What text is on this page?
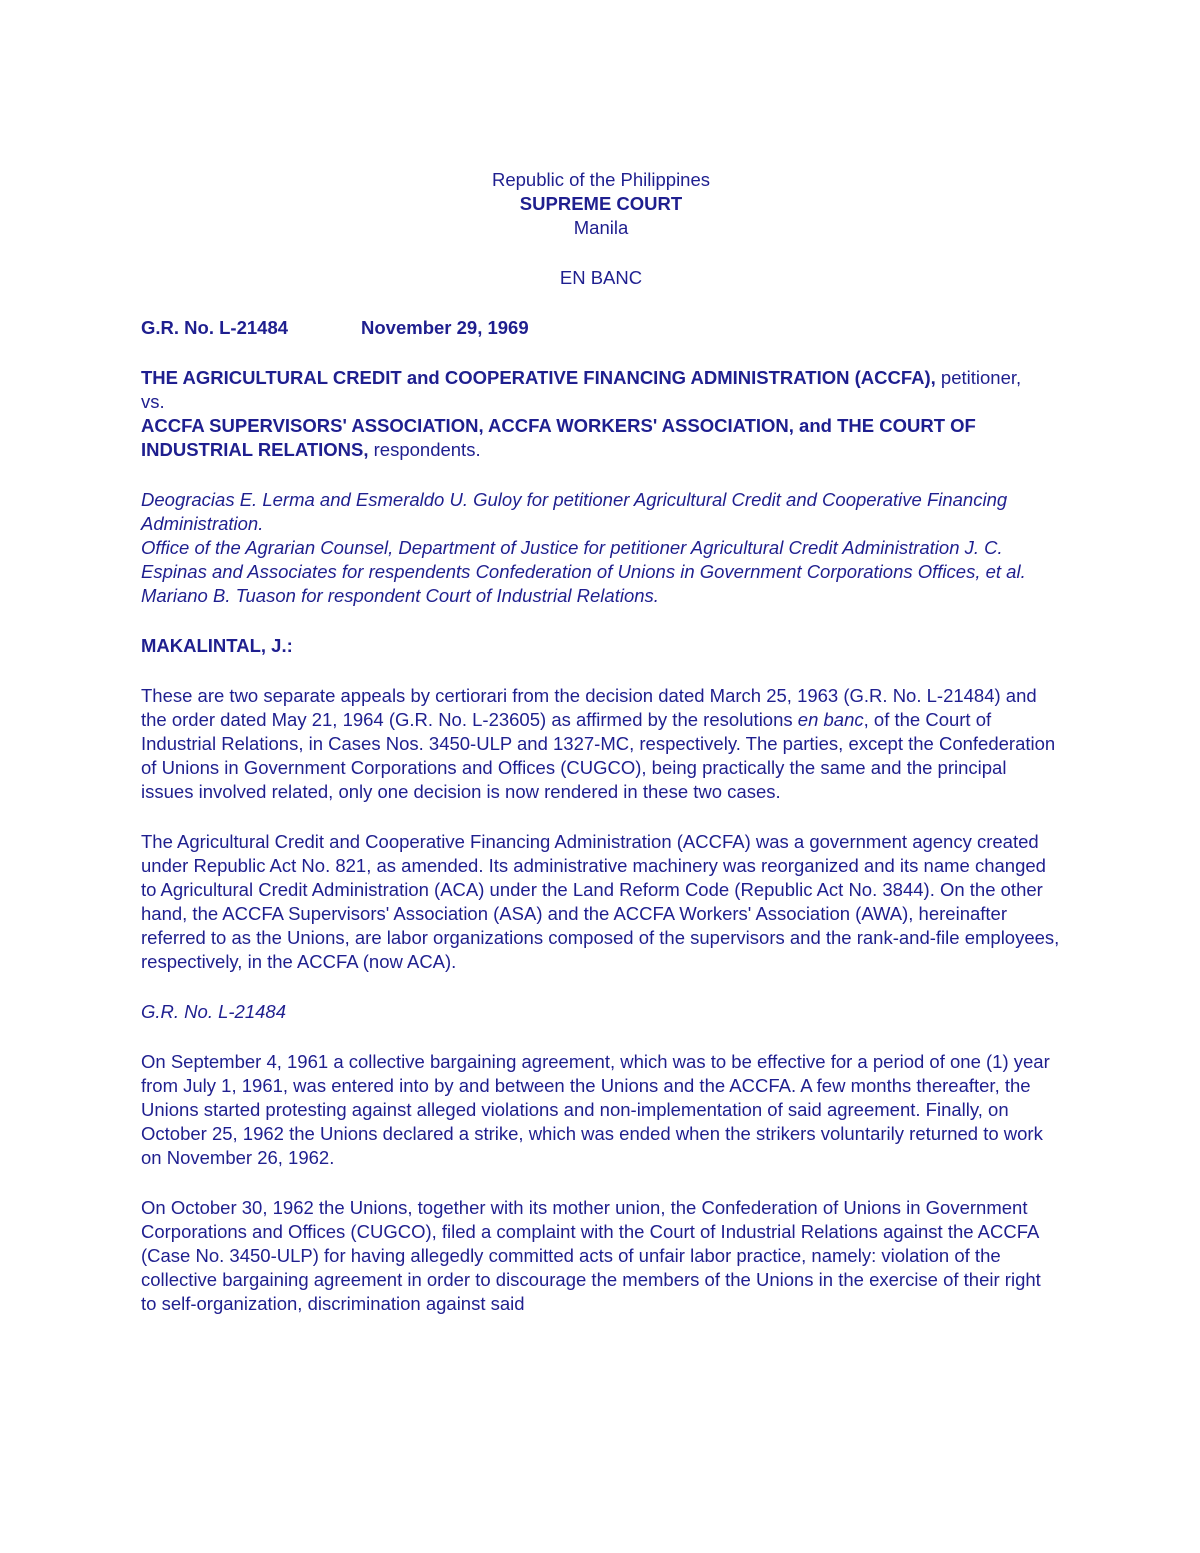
Republic of the Philippines

SUPREME COURT

Manila

EN BANC

G.R. No. L-21484	November 29, 1969

THE AGRICULTURAL CREDIT and COOPERATIVE FINANCING ADMINISTRATION (ACCFA), petitioner,

vs.

ACCFA SUPERVISORS' ASSOCIATION, ACCFA WORKERS' ASSOCIATION, and THE COURT OF INDUSTRIAL RELATIONS, respondents.

Deogracias E. Lerma and Esmeraldo U. Guloy for petitioner Agricultural Credit and Cooperative Financing Administration.

Office of the Agrarian Counsel, Department of Justice for petitioner Agricultural Credit Administration J. C. Espinas and Associates for respendents Confederation of Unions in Government Corporations Offices, et al. Mariano B. Tuason for respondent Court of Industrial Relations.

MAKALINTAL, J.:

These are two separate appeals by certiorari from the decision dated March 25, 1963 (G.R. No. L-21484) and the order dated May 21, 1964 (G.R. No. L-23605) as affirmed by the resolutions en banc, of the Court of Industrial Relations, in Cases Nos. 3450-ULP and 1327-MC, respectively. The parties, except the Confederation of Unions in Government Corporations and Offices (CUGCO), being practically the same and the principal issues involved related, only one decision is now rendered in these two cases.

The Agricultural Credit and Cooperative Financing Administration (ACCFA) was a government agency created under Republic Act No. 821, as amended. Its administrative machinery was reorganized and its name changed to Agricultural Credit Administration (ACA) under the Land Reform Code (Republic Act No. 3844). On the other hand, the ACCFA Supervisors' Association (ASA) and the ACCFA Workers' Association (AWA), hereinafter referred to as the Unions, are labor organizations composed of the supervisors and the rank-and-file employees, respectively, in the ACCFA (now ACA).

G.R. No. L-21484

On September 4, 1961 a collective bargaining agreement, which was to be effective for a period of one (1) year from July 1, 1961, was entered into by and between the Unions and the ACCFA. A few months thereafter, the Unions started protesting against alleged violations and non-implementation of said agreement. Finally, on October 25, 1962 the Unions declared a strike, which was ended when the strikers voluntarily returned to work on November 26, 1962.

On October 30, 1962 the Unions, together with its mother union, the Confederation of Unions in Government Corporations and Offices (CUGCO), filed a complaint with the Court of Industrial Relations against the ACCFA (Case No. 3450-ULP) for having allegedly committed acts of unfair labor practice, namely: violation of the collective bargaining agreement in order to discourage the members of the Unions in the exercise of their right to self-organization, discrimination against said
